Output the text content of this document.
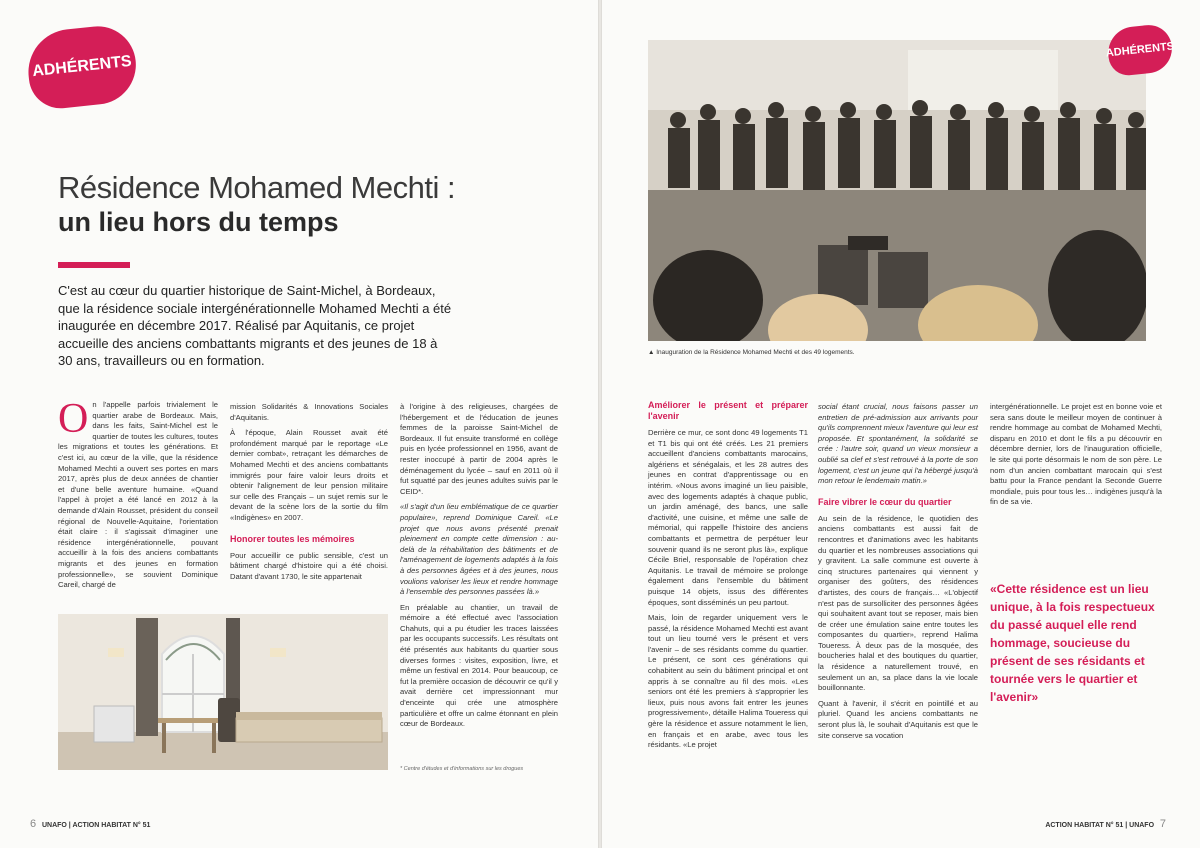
ADHÉRENTS
Résidence Mohamed Mechti :
un lieu hors du temps
C'est au cœur du quartier historique de Saint-Michel, à Bordeaux, que la résidence sociale intergénérationnelle Mohamed Mechti a été inaugurée en décembre 2017. Réalisé par Aquitanis, ce projet accueille des anciens combattants migrants et des jeunes de 18 à 30 ans, travailleurs ou en formation.

On l'appelle parfois trivialement le quartier arabe de Bordeaux. Mais, dans les faits, Saint-Michel est le quartier de toutes les cultures, toutes les migrations et toutes les générations. Et c'est ici, au cœur de la ville, que la résidence Mohamed Mechti a ouvert ses portes en mars 2017, après plus de deux années de chantier et d'une belle aventure humaine. «Quand l'appel à projet a été lancé en 2012 à la demande d'Alain Rousset, président du conseil régional de Nouvelle-Aquitaine, l'orientation était claire : il s'agissait d'imaginer une résidence intergénérationnelle, pouvant accueillir à la fois des anciens combattants migrants et des jeunes en formation professionnelle», se souvient Dominique Careil, chargé de

mission Solidarités & Innovations Sociales d'Aquitanis.

À l'époque, Alain Rousset avait été profondément marqué par le reportage «Le dernier combat», retraçant les démarches de Mohamed Mechti et des anciens combattants immigrés pour faire valoir leurs droits et obtenir l'alignement de leur pension militaire sur celle des Français – un sujet remis sur le devant de la scène lors de la sortie du film «Indigènes» en 2007.

Honorer toutes les mémoires

Pour accueillir ce public sensible, c'est un bâtiment chargé d'histoire qui a été choisi. Datant d'avant 1730, le site appartenait

à l'origine à des religieuses, chargées de l'hébergement et de l'éducation de jeunes femmes de la paroisse Saint-Michel de Bordeaux. Il fut ensuite transformé en collège puis en lycée professionnel en 1956, avant de rester inoccupé à partir de 2004 après le déménagement du lycée – sauf en 2011 où il fut squatté par des jeunes adultes suivis par le CEID*.

«Il s'agit d'un lieu emblématique de ce quartier populaire», reprend Dominique Careil. «Le projet que nous avons présenté prenait pleinement en compte cette dimension : au-delà de la réhabilitation des bâtiments et de l'aménagement de logements adaptés à la fois à des personnes âgées et à des jeunes, nous voulions valoriser les lieux et rendre hommage à l'ensemble des personnes passées là.»

En préalable au chantier, un travail de mémoire a été effectué avec l'association Chahuts, qui a pu étudier les traces laissées par les occupants successifs. Les résultats ont été présentés aux habitants du quartier sous diverses formes : visites, exposition, livre, et même un festival en 2014. Pour beaucoup, ce fut la première occasion de découvrir ce qu'il y avait derrière cet impressionnant mur d'enceinte qui crée une atmosphère particulière et offre un calme étonnant en plein cœur de Bordeaux.

* Centre d'études et d'informations sur les drogues
6 UNAFO | ACTION HABITAT N° 51
▲ Inauguration de la Résidence Mohamed Mechti et des 49 logements.
ADHÉRENTS
Améliorer le présent et préparer l'avenir

Derrière ce mur, ce sont donc 49 logements T1 et T1 bis qui ont été créés. Les 21 premiers accueillent d'anciens combattants marocains, algériens et sénégalais, et les 28 autres des jeunes en contrat d'apprentissage ou en intérim. «Nous avons imaginé un lieu paisible, avec des logements adaptés à chaque public, un jardin aménagé, des bancs, une salle d'activité, une cuisine, et même une salle de mémorial, qui rappelle l'histoire des anciens combattants et permettra de perpétuer leur souvenir quand ils ne seront plus là», explique Cécile Briel, responsable de l'opération chez Aquitanis. Le travail de mémoire se prolonge également dans l'ensemble du bâtiment puisque 14 objets, issus des différentes époques, sont disséminés un peu partout.

Mais, loin de regarder uniquement vers le passé, la résidence Mohamed Mechti est avant tout un lieu tourné vers le présent et vers l'avenir – de ses résidants comme du quartier. Le présent, ce sont ces générations qui cohabitent au sein du bâtiment principal et ont appris à se connaître au fil des mois. «Les seniors ont été les premiers à s'approprier les lieux, puis nous avons fait entrer les jeunes progressivement», détaille Halima Toueress qui gère la résidence et assure notamment le lien, en français et en arabe, avec tous les résidants. «Le projet

social étant crucial, nous faisons passer un entretien de pré-admission aux arrivants pour qu'ils comprennent mieux l'aventure qui leur est proposée. Et spontanément, la solidarité se crée : l'autre soir, quand un vieux monsieur a oublié sa clef et s'est retrouvé à la porte de son logement, c'est un jeune qui l'a hébergé jusqu'à mon retour le lendemain matin.»

Faire vibrer le cœur du quartier

Au sein de la résidence, le quotidien des anciens combattants est aussi fait de rencontres et d'animations avec les habitants du quartier et les nombreuses associations qui y gravitent. La salle commune est ouverte à cinq structures partenaires qui viennent y organiser des goûters, des résidences d'artistes, des cours de français… «L'objectif n'est pas de sursolliciter des personnes âgées qui souhaitent avant tout se reposer, mais bien de créer une émulation saine entre toutes les composantes du quartier», reprend Halima Toueress. À deux pas de la mosquée, des boucheries halal et des boutiques du quartier, la résidence a naturellement trouvé, en seulement un an, sa place dans la vie locale bouillonnante.

Quant à l'avenir, il s'écrit en pointillé et au pluriel. Quand les anciens combattants ne seront plus là, le souhait d'Aquitanis est que le site conserve sa vocation

intergénérationnelle. Le projet est en bonne voie et sera sans doute le meilleur moyen de continuer à rendre hommage au combat de Mohamed Mechti, disparu en 2010 et dont le fils a pu découvrir en décembre dernier, lors de l'inauguration officielle, le site qui porte désormais le nom de son père. Le nom d'un ancien combattant marocain qui s'est battu pour la France pendant la Seconde Guerre mondiale, puis pour tous les… indigènes jusqu'à la fin de sa vie.

«Cette résidence est un lieu unique, à la fois respectueux du passé auquel elle rend hommage, soucieuse du présent de ses résidants et tournée vers le quartier et l'avenir»
ACTION HABITAT N° 51 | UNAFO 7
